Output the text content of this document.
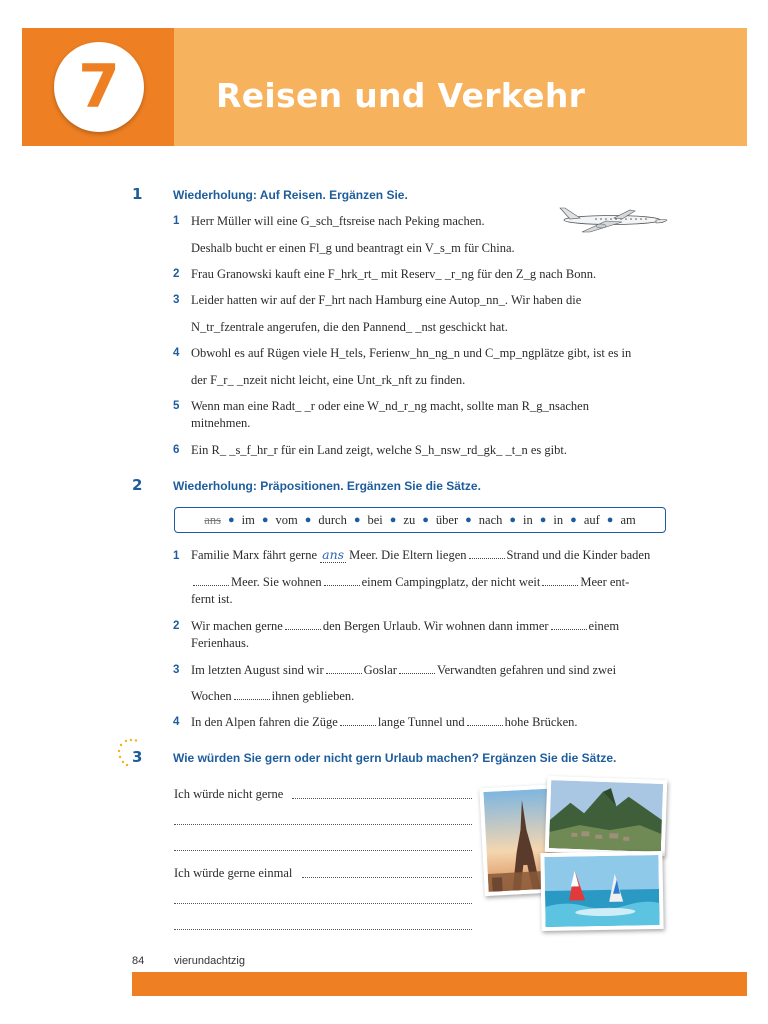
7	Reisen und Verkehr
1	Wiederholung: Auf Reisen. Ergänzen Sie.
1 Herr Müller will eine G_sch_ftsreise nach Peking machen.
Deshalb bucht er einen Fl_g und beantragt ein V_s_m für China.
2 Frau Granowski kauft eine F_hrk_rt_ mit Reserv_ _r_ng für den Z_g nach Bonn.
3 Leider hatten wir auf der F_hrt nach Hamburg eine Autop_nn_. Wir haben die
N_tr_fzentrale angerufen, die den Pannend_ _nst geschickt hat.
4 Obwohl es auf Rügen viele H_tels, Ferienw_hn_ng_n und C_mp_ngplätze gibt, ist es in
der F_r_ _nzeit nicht leicht, eine Unt_rk_nft zu finden.
5 Wenn man eine Radt_ _r oder eine W_nd_r_ng macht, sollte man R_g_nsachen
mitnehmen.
6 Ein R_ _s_f_hr_r für ein Land zeigt, welche S_h_nsw_rd_gk_ _t_n es gibt.
2	Wiederholung: Präpositionen. Ergänzen Sie die Sätze.
ans ● im ● vom ● durch ● bei ● zu ● über ● nach ● in ● in ● auf ● am
1 Familie Marx fährt gerne ans Meer. Die Eltern liegen	Strand und die Kinder baden
Meer. Sie wohnen	einem Campingplatz, der nicht weit	Meer ent-
fernt ist.
2 Wir machen gerne	den Bergen Urlaub. Wir wohnen dann immer	einem
Ferienhaus.
3 Im letzten August sind wir	Goslar	Verwandten gefahren und sind zwei
Wochen	ihnen geblieben.
4 In den Alpen fahren die Züge	lange Tunnel und	hohe Brücken.
3	Wie würden Sie gern oder nicht gern Urlaub machen? Ergänzen Sie die Sätze.
Ich würde nicht gerne
Ich würde gerne einmal
84	vierundachtzig
